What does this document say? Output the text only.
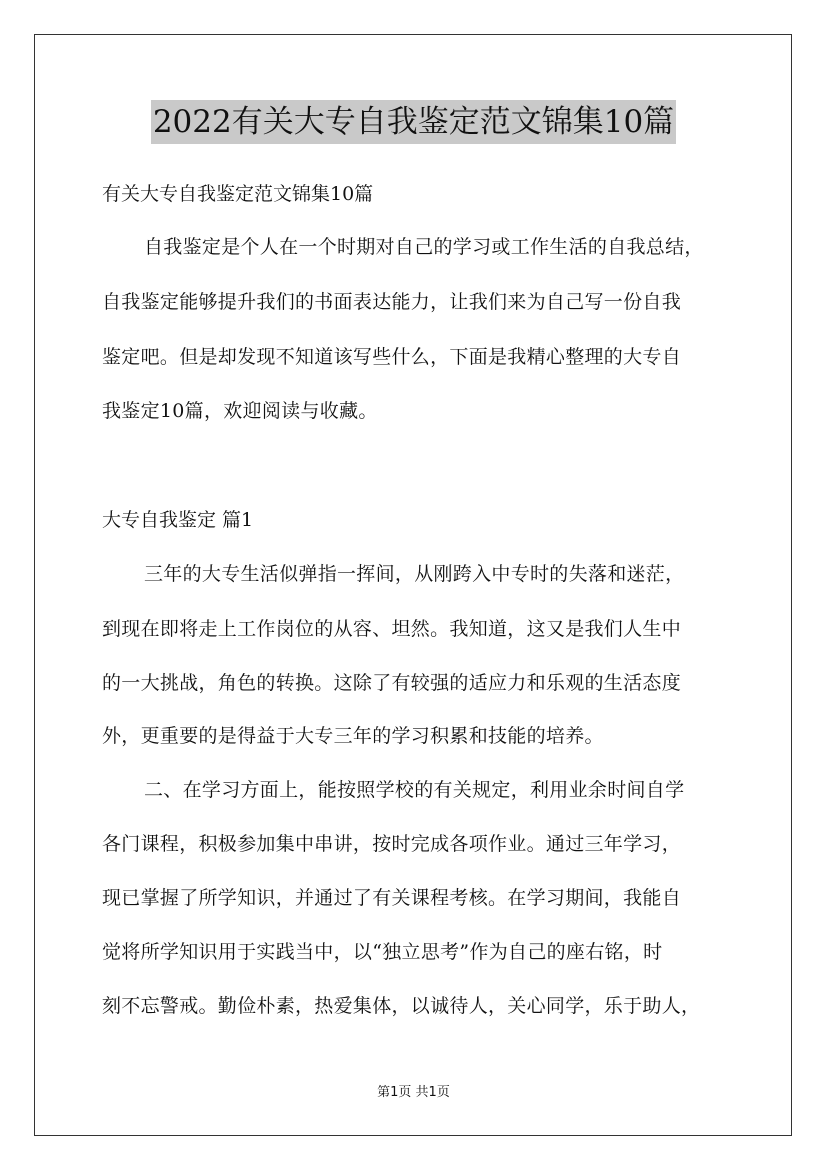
2022有关大专自我鉴定范文锦集10篇
有关大专自我鉴定范文锦集10篇
自我鉴定是个人在一个时期对自己的学习或工作生活的自我总结，
自我鉴定能够提升我们的书面表达能力，让我们来为自己写一份自我
鉴定吧。但是却发现不知道该写些什么，下面是我精心整理的大专自
我鉴定10篇，欢迎阅读与收藏。
大专自我鉴定 篇1
三年的大专生活似弹指一挥间，从刚跨入中专时的失落和迷茫，
到现在即将走上工作岗位的从容、坦然。我知道，这又是我们人生中
的一大挑战，角色的转换。这除了有较强的适应力和乐观的生活态度
外，更重要的是得益于大专三年的学习积累和技能的培养。
二、在学习方面上，能按照学校的有关规定，利用业余时间自学
各门课程，积极参加集中串讲，按时完成各项作业。通过三年学习，
现已掌握了所学知识，并通过了有关课程考核。在学习期间，我能自
觉将所学知识用于实践当中，以“独立思考”作为自己的座右铭，时
刻不忘警戒。勤俭朴素，热爱集体，以诚待人，关心同学，乐于助人，
第1页 共1页
